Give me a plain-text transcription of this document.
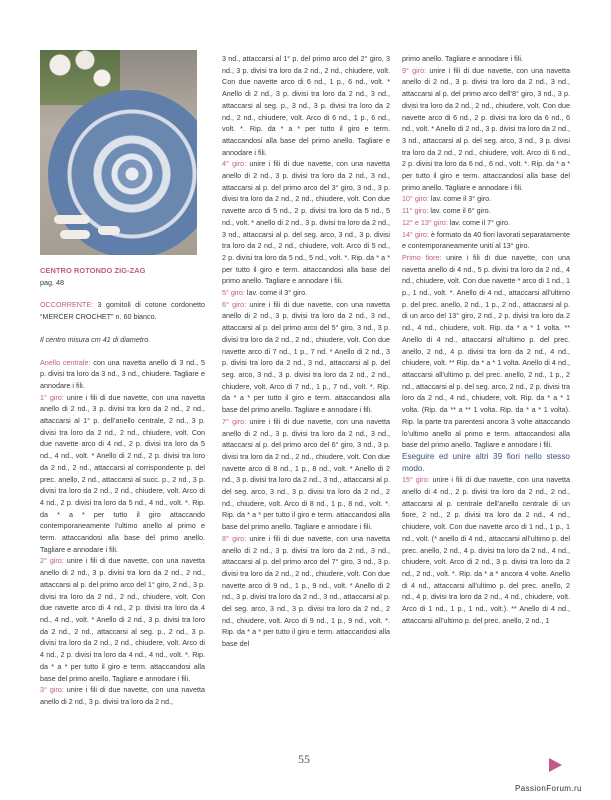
CENTRO ROTONDO ZIG-ZAG

pag. 48

OCCORRENTE: 3 gomitoli di cotone cordonetto “MERCER CROCHET” n. 60 bianco.

Il centro misura cm 41 di diametro.

Anello centrale: con una navetta anello di 3 nd., 5 p. divisi tra loro da 3 nd., 3 nd., chiudere. Tagliare e annodare i fili.

1° giro: unire i fili di due navette, con una navetta anello di 2 nd., 3 p. divisi tra loro da 2 nd., 2 nd., attaccarsi al 1° p. dell’anello centrale, 2 nd., 3 p. divisi tra loro da 2 nd., 2 nd., chiudere, volt. Con due navette arco di 4 nd., 2 p. divisi tra loro da 5 nd., 4 nd., volt. * Anello di 2 nd., 2 p. divisi tra loro da 2 nd., 2 nd., attaccarsi al corrispondente p. del prec. anello, 2 nd., attaccarsi al succ. p., 2 nd., 3 p. divisi tra loro da 2 nd., 2 nd., chiudere, volt. Arco di 4 nd., 2 p. divisi tra loro da 5 nd., 4 nd., volt. *. Rip. da * a * per tutto il giro attaccando contemporaneamente l’ultimo anello al primo e term. attaccandosi alla base del primo anello. Tagliare e annodare i fili.

2° giro: unire i fili di due navette, con una navetta anello di 2 nd., 3 p. divisi tra loro da 2 nd., 2 nd., attaccarsi al p. del primo arco del 1° giro, 2 nd., 3 p. divisi tra loro da 2 nd., 2 nd., chiudere, volt. Con due navette arco di 4 nd., 2 p. divisi tra loro da 4 nd., 4 nd., volt. * Anello di 2 nd., 3 p. divisi tra loro da 2 nd., 2 nd., attaccarsi al seg. p., 2 nd., 3 p. divisi tra loro da 2 nd., 2 nd., chiudere, volt. Arco di 4 nd., 2 p. divisi tra loro da 4 nd., 4 nd., volt. *. Rip. da * a * per tutto il giro e term. attaccandosi alla base del primo anello. Tagliare e annodare i fili.

3° giro: unire i fili di due navette, con una navetta anello di 2 nd., 3 p. divisi tra loro da 2 nd.,

3 nd., attaccarsi al 1° p. del primo arco del 2° giro, 3 nd., 3 p. divisi tra loro da 2 nd., 2 nd., chiudere, volt. Con due navette arco di 6 nd., 1 p., 6 nd., volt. * Anello di 2 nd., 3 p. divisi tra loro da 2 nd., 3 nd., attaccarsi al seg. p., 3 nd., 3 p. divisi tra loro da 2 nd., 2 nd., chiudere, volt. Arco di 6 nd., 1 p., 6 nd., volt. *. Rip. da * a * per tutto il giro e term. attaccandosi alla base del primo anello. Tagliare e annodare i fili.

4° giro: unire i fili di due navette, con una navetta anello di 2 nd., 3 p. divisi tra loro da 2 nd., 3 nd., attaccarsi al p. del primo arco del 3° giro, 3 nd., 3 p. divisi tra loro da 2 nd., 2 nd., chiudere, volt. Con due navette arco di 5 nd., 2 p. divisi tra loro da 5 nd., 5 nd., volt. * anello di 2 nd., 3 p. divisi tra loro da 2 nd., 3 nd., attaccarsi al p. del seg. arco, 3 nd., 3 p. divisi tra loro da 2 nd., 2 nd., chiudere, volt. Arco di 5 nd., 2 p. divisi tra loro da 5 nd., 5 nd., volt. *. Rip. da * a * per tutto il giro e term. attaccandosi alla base del primo anello. Tagliare e annodare i fili.

5° giro: lav. come il 3° giro.

6° giro: unire i fili di due navette, con una navetta anello di 2 nd., 3 p. divisi tra loro da 2 nd., 3 nd., attaccarsi al p. del primo arco del 5° giro, 3 nd., 3 p. divisi tra loro da 2 nd., 2 nd., chiudere, volt. Con due navette arco di 7 nd., 1 p., 7 nd. * Anello di 2 nd., 3 p. divisi tra loro da 2 nd., 3 nd., attaccarsi al p. del seg. arco, 3 nd., 3 p. divisi tra loro da 2 nd., 2 nd., chiudere, volt. Arco di 7 nd., 1 p., 7 nd., volt. *. Rip. da * a * per tutto il giro e term. attaccandosi alla base del primo anello. Tagliare e annodare i fili.

7° giro: unire i fili di due navette, con una navetta anello di 2 nd., 3 p. divisi tra loro da 2 nd., 3 nd., attaccarsi al p. del primo arco del 6° giro, 3 nd., 3 p. divisi tra loro da 2 nd., 2 nd., chiudere, volt. Con due navette arco di 8 nd., 1 p., 8 nd., volt. * Anello di 2 nd., 3 p. divisi tra loro da 2 nd., 3 nd., attaccarsi al p. del seg. arco, 3 nd., 3 p. divisi tra loro da 2 nd., 2 nd., chiudere, volt. Arco di 8 nd., 1 p., 8 nd., volt. *. Rip. da * a * per tutto il giro e term. attaccandosi alla base del primo anello. Tagliare e annodare i fili.

8° giro: unire i fili di due navette, con una navetta anello di 2 nd., 3 p. divisi tra loro da 2 nd., 3 nd., attaccarsi al p. del primo arco del 7° giro, 3 nd., 3 p. divisi tra loro da 2 nd., 2 nd., chiudere, volt. Con due navette arco di 9 nd., 1 p., 9 nd., volt. * Anello di 2 nd., 3 p. divisi tra loro da 2 nd., 3 nd., attaccarsi al p. del seg. arco, 3 nd., 3 p. divisi tra loro da 2 nd., 2 nd., chiudere, volt. Arco di 9 nd., 1 p., 9 nd., volt. *. Rip. da * a * per tutto il giro e term. attaccandosi alla base del

primo anello. Tagliare e annodare i fili.

9° giro: unire i fili di due navette, con una navetta anello di 2 nd., 3 p. divisi tra loro da 2 nd., 3 nd., attaccarsi al p. del primo arco dell’8° giro, 3 nd., 3 p. divisi tra loro da 2 nd., 2 nd., chiudere, volt. Con due navette arco di 6 nd., 2 p. divisi tra loro da 6 nd., 6 nd., volt. * Anello di 2 nd., 3 p. divisi tra loro da 2 nd., 3 nd., attaccarsi al p. del seg. arco, 3 nd., 3 p. divisi tra loro da 2 nd., 2 nd., chiudere, volt. Arco di 6 nd., 2 p. divisi tra loro da 6 nd., 6 nd., volt. *. Rip. da * a * per tutto il giro e term. attaccandosi alla base del primo anello. Tagliare e annodare i fili.

10° giro: lav. come il 3° giro.

11° giro: lav. come il 6° giro.

12° e 13° giro: lav. come il 7° giro.

14° giro: è formato da 40 fiori lavorati separatamente e contemporaneamente uniti al 13° giro.

Primo fiore: unire i fili di due navette, con una navetta anello di 4 nd., 5 p. divisi tra loro da 2 nd., 4 nd., chiudere, volt. Con due navette * arco di 1 nd., 1 p., 1 nd., volt. *. Anello di 4 nd., attaccarsi all’ultimo p. del prec. anello, 2 nd., 1 p., 2 nd., attaccarsi al p. di un arco del 13° giro, 2 nd., 2 p. divisi tra loro da 2 nd., 4 nd., chiudere, volt. Rip. da * a * 1 volta. ** Anello di 4 nd., attaccarsi all’ultimo p. del prec. anello, 2 nd., 4 p. divisi tra loro da 2 nd., 4 nd., chiudere, volt. ** Rip. da * a * 1 volta. Anello di 4 nd., attaccarsi all’ultimo p. del prec. anello, 2 nd., 1 p., 2 nd., attaccarsi al p. del seg. arco, 2 nd., 2 p. divisi tra loro da 2 nd., 4 nd., chiudere, volt. Rip. da * a * 1 volta. (Rip. da ** a ** 1 volta. Rip. da * a * 1 volta). Rip. la parte tra parentesi ancora 3 volte attaccando lo’ultimo anello al primo e term. attaccandosi alla base del primo anello. Tagliare e annodare i fili.

Eseguire ed unire altri 39 fiori nello stesso modo.

15° giro: unire i fili di due navette, con una navetta anello di 4 nd., 2 p. divisi tra loro da 2 nd., 2 nd., attaccarsi al p. centrale dell’anello centrale di un fiore, 2 nd., 2 p. divisi tra loro da 2 nd., 4 nd., chiudere, volt. Con due navette arco di 1 nd., 1 p., 1 nd., volt. (* anello di 4 nd., attaccarsi all’ultimo p. del prec. anello, 2 nd., 4 p. divisi tra loro da 2 nd., 4 nd., chiudere, volt. Arco di 2 nd., 3 p. divisi tra loro da 2 nd., 2 nd., volt. *. Rip. da * a * ancora 4 volte. Anello di 4 nd., attaccarsi all’ultimo p. del prec. anello, 2 nd., 4 p. divisi tra loro da 2 nd., 4 nd., chiudere, volt. Arco di 1 nd., 1 p., 1 nd., volt.). ** Anello di 4 nd., attaccarsi all’ultimo p. del prec. anello, 2 nd., 1

55
PassionForum.ru
